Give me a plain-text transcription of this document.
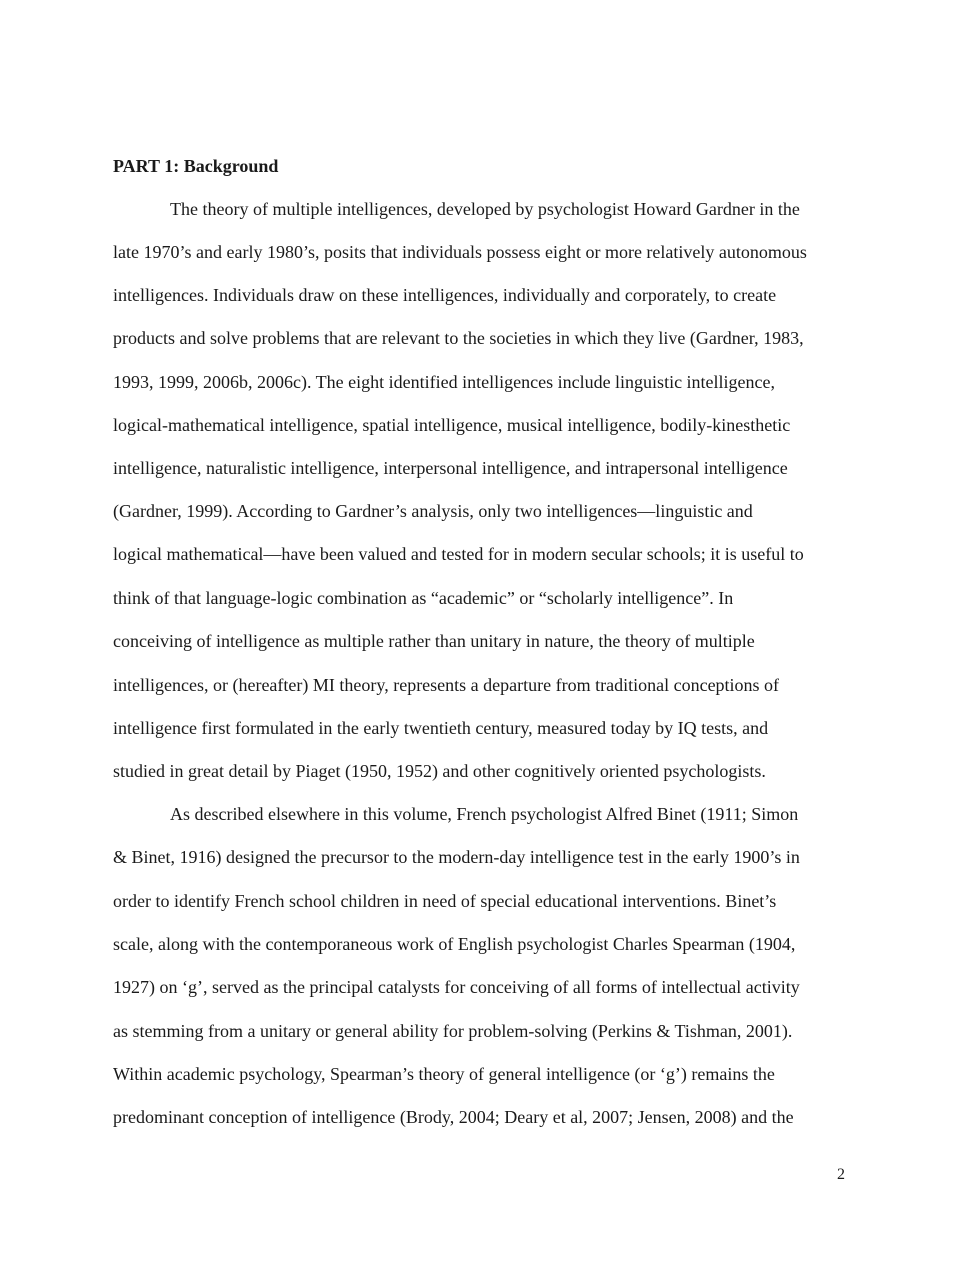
PART 1: Background

The theory of multiple intelligences, developed by psychologist Howard Gardner in the

late 1970’s and early 1980’s, posits that individuals possess eight or more relatively autonomous

intelligences. Individuals draw on these intelligences, individually and corporately, to create

products and solve problems that are relevant to the societies in which they live (Gardner, 1983,

1993, 1999, 2006b, 2006c). The eight identified intelligences include linguistic intelligence,

logical-mathematical intelligence, spatial intelligence, musical intelligence, bodily-kinesthetic

intelligence, naturalistic intelligence, interpersonal intelligence, and intrapersonal intelligence

(Gardner, 1999). According to Gardner’s analysis, only two intelligences—linguistic and

logical mathematical—have been valued and tested for in modern secular schools; it is useful to

think of that language-logic combination as “academic” or “scholarly intelligence”. In

conceiving of intelligence as multiple rather than unitary in nature, the theory of multiple

intelligences, or (hereafter) MI theory, represents a departure from traditional conceptions of

intelligence first formulated in the early twentieth century, measured today by IQ tests, and

studied in great detail by Piaget (1950, 1952) and other cognitively oriented psychologists.

As described elsewhere in this volume, French psychologist Alfred Binet (1911; Simon

& Binet, 1916) designed the precursor to the modern-day intelligence test in the early 1900’s in

order to identify French school children in need of special educational interventions. Binet’s

scale, along with the contemporaneous work of English psychologist Charles Spearman (1904,

1927) on ‘g’, served as the principal catalysts for conceiving of all forms of intellectual activity

as stemming from a unitary or general ability for problem-solving (Perkins & Tishman, 2001).

Within academic psychology, Spearman’s theory of general intelligence (or ‘g’) remains the

predominant conception of intelligence (Brody, 2004; Deary et al, 2007; Jensen, 2008) and the

2
